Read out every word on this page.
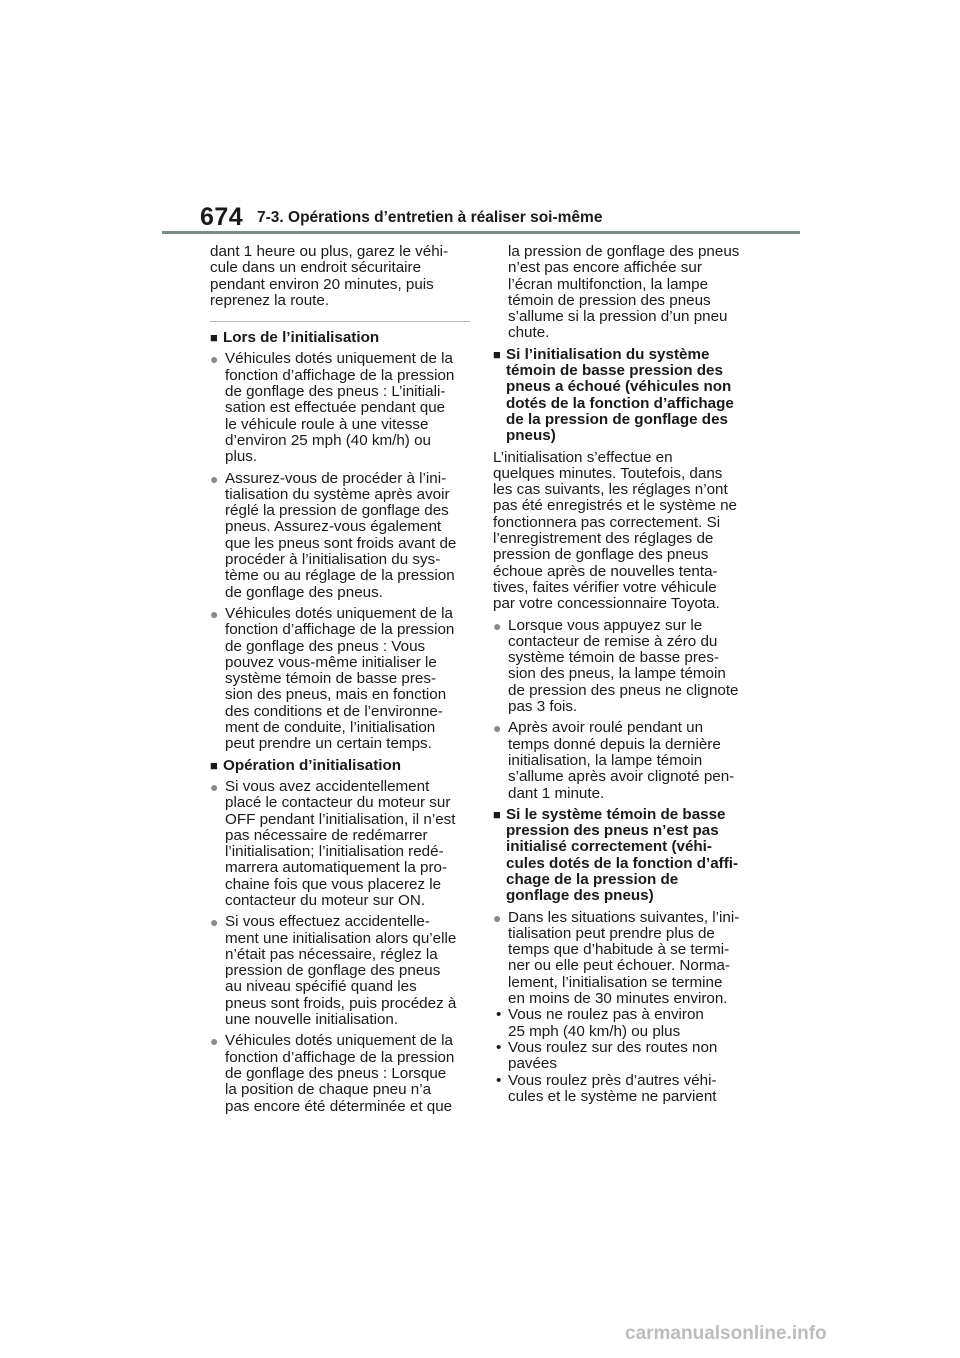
674 7-3. Opérations d’entretien à réaliser soi-même

dant 1 heure ou plus, garez le véhi-
cule dans un endroit sécuritaire
pendant environ 20 minutes, puis
reprenez la route.

■ Lors de l’initialisation
● Véhicules dotés uniquement de la
fonction d’affichage de la pression
de gonflage des pneus : L’initiali-
sation est effectuée pendant que
le véhicule roule à une vitesse
d’environ 25 mph (40 km/h) ou
plus.
● Assurez-vous de procéder à l’ini-
tialisation du système après avoir
réglé la pression de gonflage des
pneus. Assurez-vous également
que les pneus sont froids avant de
procéder à l’initialisation du sys-
tème ou au réglage de la pression
de gonflage des pneus.
● Véhicules dotés uniquement de la
fonction d’affichage de la pression
de gonflage des pneus : Vous
pouvez vous-même initialiser le
système témoin de basse pres-
sion des pneus, mais en fonction
des conditions et de l’environne-
ment de conduite, l’initialisation
peut prendre un certain temps.
■ Opération d’initialisation
● Si vous avez accidentellement
placé le contacteur du moteur sur
OFF pendant l’initialisation, il n’est
pas nécessaire de redémarrer
l’initialisation; l’initialisation redé-
marrera automatiquement la pro-
chaine fois que vous placerez le
contacteur du moteur sur ON.
● Si vous effectuez accidentelle-
ment une initialisation alors qu’elle
n’était pas nécessaire, réglez la
pression de gonflage des pneus
au niveau spécifié quand les
pneus sont froids, puis procédez à
une nouvelle initialisation.
● Véhicules dotés uniquement de la
fonction d’affichage de la pression
de gonflage des pneus : Lorsque
la position de chaque pneu n’a
pas encore été déterminée et que
la pression de gonflage des pneus
n’est pas encore affichée sur
l’écran multifonction, la lampe
témoin de pression des pneus
s’allume si la pression d’un pneu
chute.
■ Si l’initialisation du système
témoin de basse pression des
pneus a échoué (véhicules non
dotés de la fonction d’affichage
de la pression de gonflage des
pneus)

L’initialisation s’effectue en
quelques minutes. Toutefois, dans
les cas suivants, les réglages n’ont
pas été enregistrés et le système ne
fonctionnera pas correctement. Si
l’enregistrement des réglages de
pression de gonflage des pneus
échoue après de nouvelles tenta-
tives, faites vérifier votre véhicule
par votre concessionnaire Toyota.

● Lorsque vous appuyez sur le
contacteur de remise à zéro du
système témoin de basse pres-
sion des pneus, la lampe témoin
de pression des pneus ne clignote
pas 3 fois.
● Après avoir roulé pendant un
temps donné depuis la dernière
initialisation, la lampe témoin
s’allume après avoir clignoté pen-
dant 1 minute.
■ Si le système témoin de basse
pression des pneus n’est pas
initialisé correctement (véhi-
cules dotés de la fonction d’affi-
chage de la pression de
gonflage des pneus)
● Dans les situations suivantes, l’ini-
tialisation peut prendre plus de
temps que d’habitude à se termi-
ner ou elle peut échouer. Norma-
lement, l’initialisation se termine
en moins de 30 minutes environ.
• Vous ne roulez pas à environ
25 mph (40 km/h) ou plus
• Vous roulez sur des routes non
pavées
• Vous roulez près d’autres véhi-
cules et le système ne parvient
carmanualsonline.info
